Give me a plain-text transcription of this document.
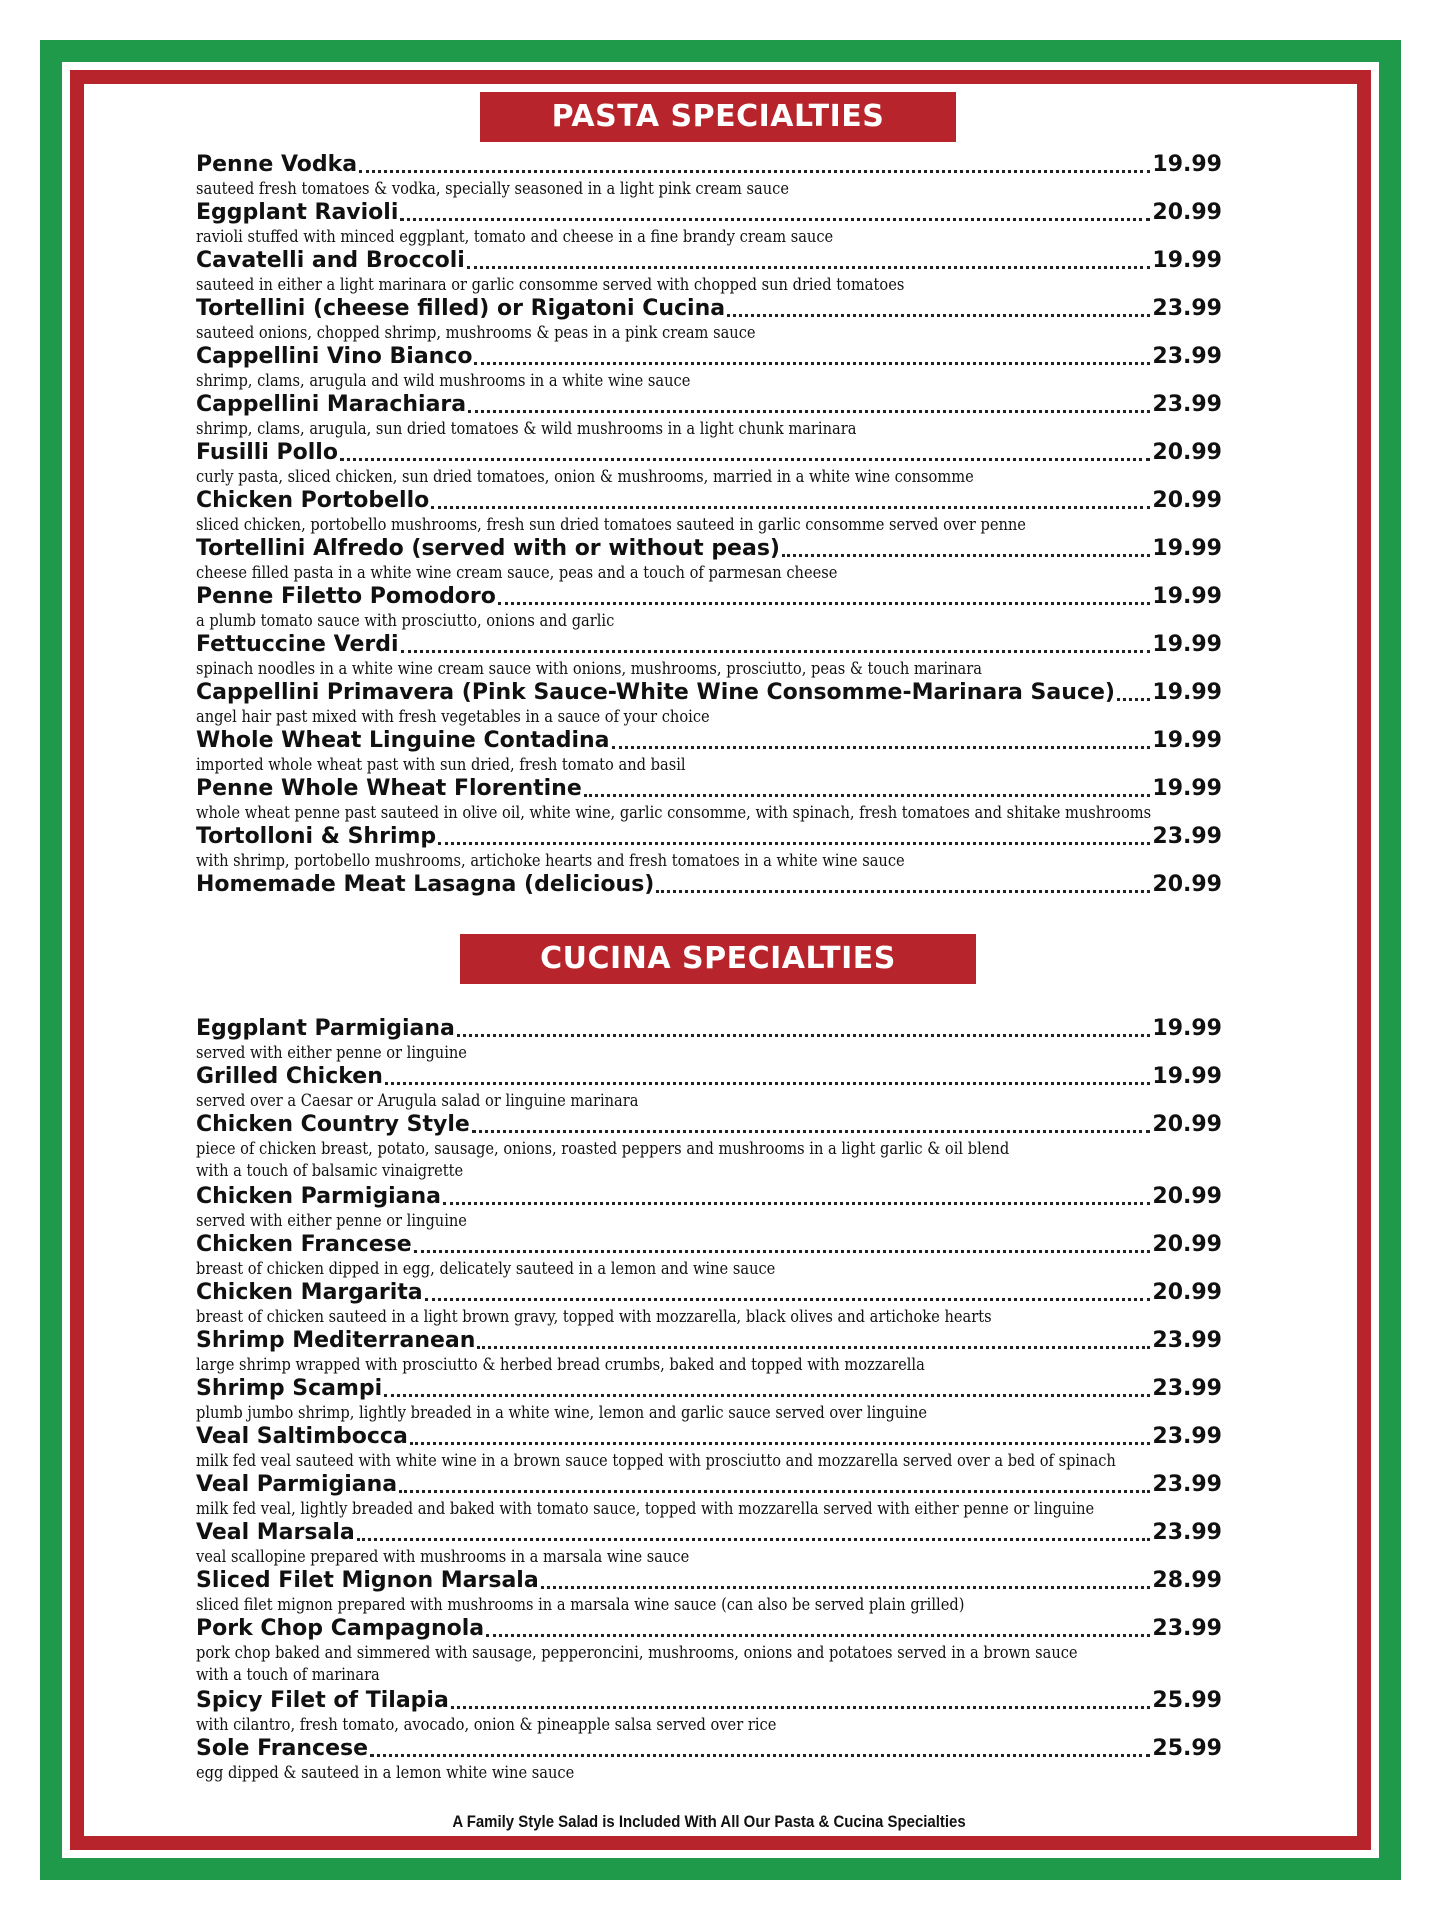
PASTA SPECIALTIES
Penne Vodka	19.99
sauteed fresh tomatoes & vodka, specially seasoned in a light pink cream sauce
Eggplant Ravioli	20.99
ravioli stuffed with minced eggplant, tomato and cheese in a fine brandy cream sauce
Cavatelli and Broccoli	19.99
sauteed in either a light marinara or garlic consomme served with chopped sun dried tomatoes
Tortellini (cheese filled) or Rigatoni Cucina	23.99
sauteed onions, chopped shrimp, mushrooms & peas in a pink cream sauce
Cappellini Vino Bianco	23.99
shrimp, clams, arugula and wild mushrooms in a white wine sauce
Cappellini Marachiara	23.99
shrimp, clams, arugula, sun dried tomatoes & wild mushrooms in a light chunk marinara
Fusilli Pollo	20.99
curly pasta, sliced chicken, sun dried tomatoes, onion & mushrooms, married in a white wine consomme
Chicken Portobello	20.99
sliced chicken, portobello mushrooms, fresh sun dried tomatoes sauteed in garlic consomme served over penne
Tortellini Alfredo (served with or without peas)	19.99
cheese filled pasta in a white wine cream sauce, peas and a touch of parmesan cheese
Penne Filetto Pomodoro	19.99
a plumb tomato sauce with prosciutto, onions and garlic
Fettuccine Verdi	19.99
spinach noodles in a white wine cream sauce with onions, mushrooms, prosciutto, peas & touch marinara
Cappellini Primavera (Pink Sauce-White Wine Consomme-Marinara Sauce) 19.99
angel hair past mixed with fresh vegetables in a sauce of your choice
Whole Wheat Linguine Contadina	19.99
imported whole wheat past with sun dried, fresh tomato and basil
Penne Whole Wheat Florentine	19.99
whole wheat penne past sauteed in olive oil, white wine, garlic consomme, with spinach, fresh tomatoes and shitake mushrooms
Tortolloni & Shrimp	23.99
with shrimp, portobello mushrooms, artichoke hearts and fresh tomatoes in a white wine sauce
Homemade Meat Lasagna (delicious)	20.99
CUCINA SPECIALTIES
Eggplant Parmigiana	19.99
served with either penne or linguine
Grilled Chicken	19.99
served over a Caesar or Arugula salad or linguine marinara
Chicken Country Style	20.99
piece of chicken breast, potato, sausage, onions, roasted peppers and mushrooms in a light garlic & oil blend
with a touch of balsamic vinaigrette
Chicken Parmigiana	20.99
served with either penne or linguine
Chicken Francese	20.99
breast of chicken dipped in egg, delicately sauteed in a lemon and wine sauce
Chicken Margarita	20.99
breast of chicken sauteed in a light brown gravy, topped with mozzarella, black olives and artichoke hearts
Shrimp Mediterranean	23.99
large shrimp wrapped with prosciutto & herbed bread crumbs, baked and topped with mozzarella
Shrimp Scampi	23.99
plumb jumbo shrimp, lightly breaded in a white wine, lemon and garlic sauce served over linguine
Veal Saltimbocca	23.99
milk fed veal sauteed with white wine in a brown sauce topped with prosciutto and mozzarella served over a bed of spinach
Veal Parmigiana	23.99
milk fed veal, lightly breaded and baked with tomato sauce, topped with mozzarella served with either penne or linguine
Veal Marsala	23.99
veal scallopine prepared with mushrooms in a marsala wine sauce
Sliced Filet Mignon Marsala	28.99
sliced filet mignon prepared with mushrooms in a marsala wine sauce (can also be served plain grilled)
Pork Chop Campagnola	23.99
pork chop baked and simmered with sausage, pepperoncini, mushrooms, onions and potatoes served in a brown sauce
with a touch of marinara
Spicy Filet of Tilapia	25.99
with cilantro, fresh tomato, avocado, onion & pineapple salsa served over rice
Sole Francese	25.99
egg dipped & sauteed in a lemon white wine sauce
A Family Style Salad is Included With All Our Pasta & Cucina Specialties
